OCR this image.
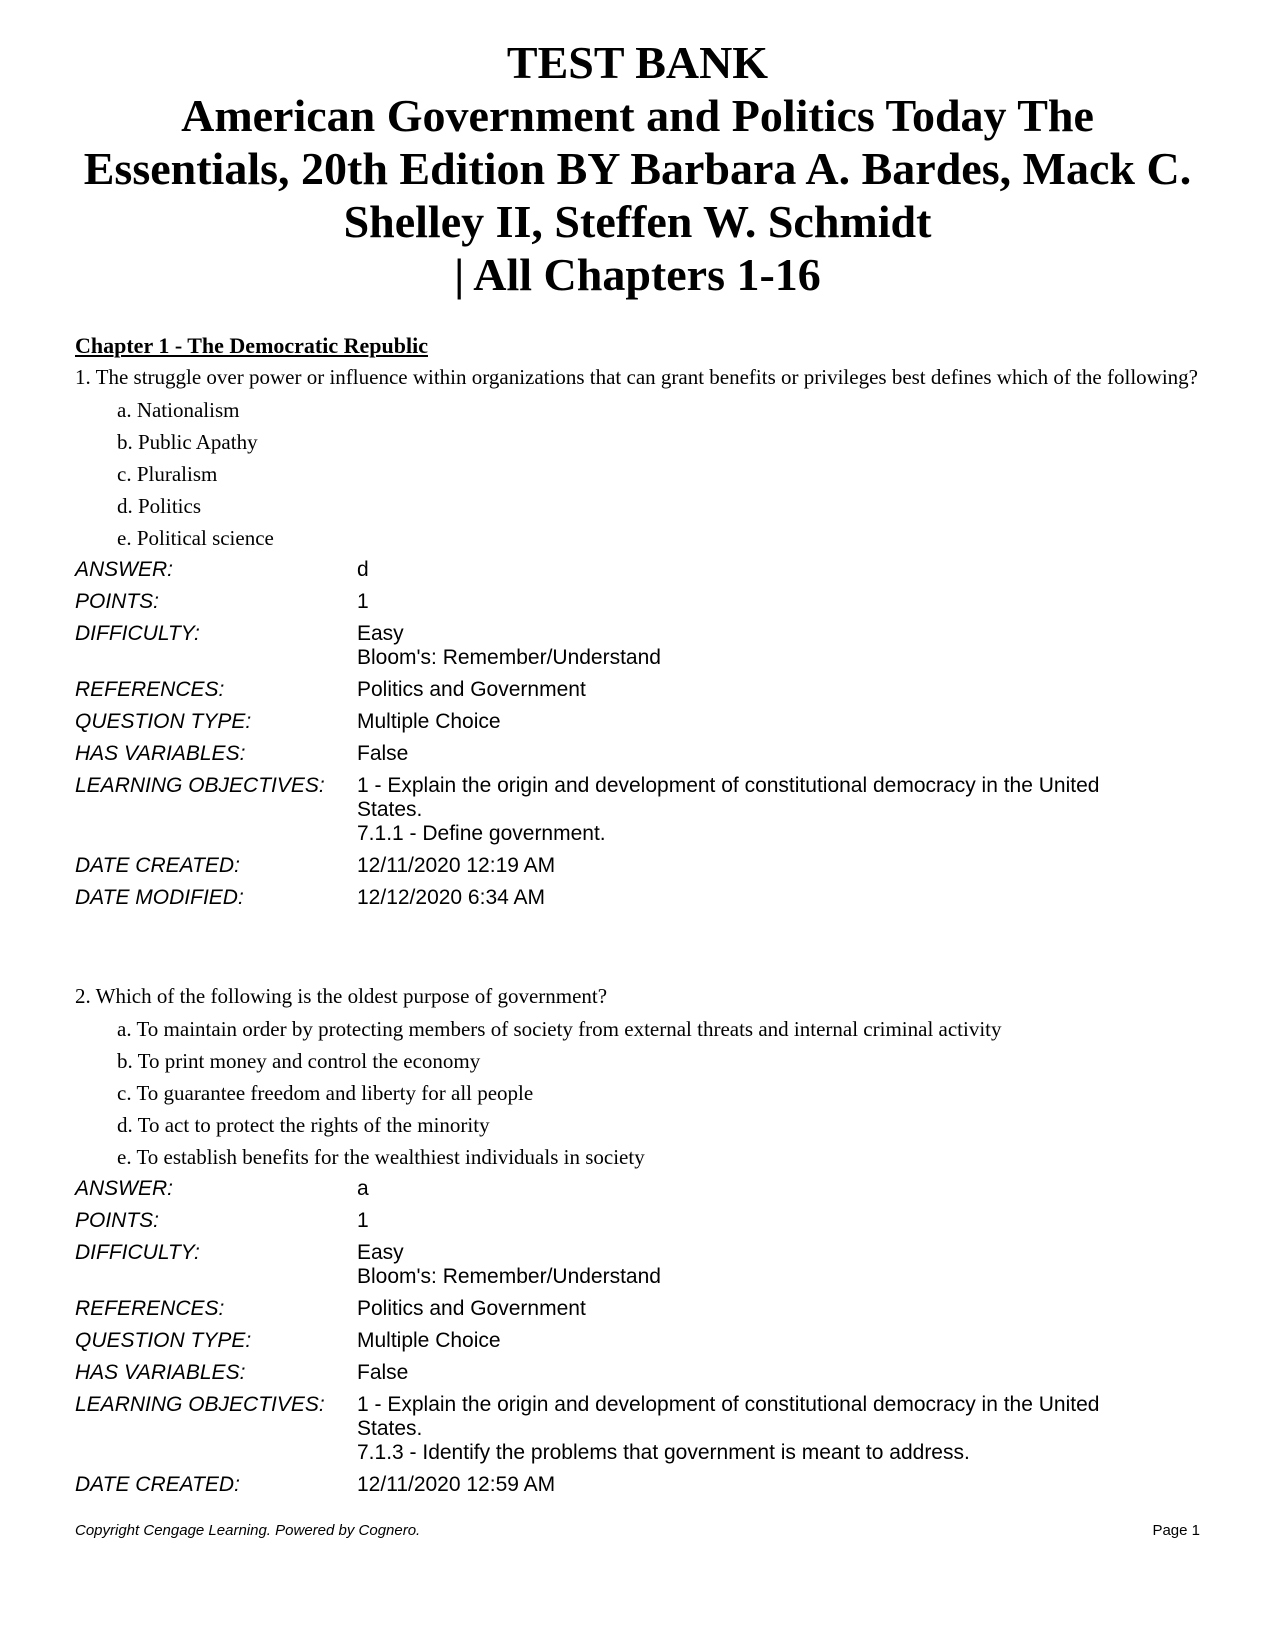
TEST BANK
American Government and Politics Today The
Essentials, 20th Edition BY Barbara A. Bardes, Mack C.
Shelley II, Steffen W. Schmidt
| All Chapters 1-16
Chapter 1 - The Democratic Republic
1. The struggle over power or influence within organizations that can grant benefits or privileges best defines which of the following?
a. Nationalism
b. Public Apathy
c. Pluralism
d. Politics
e. Political science
ANSWER:	d
POINTS:	1
DIFFICULTY:	Easy
Bloom's: Remember/Understand
REFERENCES:	Politics and Government
QUESTION TYPE:	Multiple Choice
HAS VARIABLES:	False
LEARNING OBJECTIVES:	1 - Explain the origin and development of constitutional democracy in the United
States.
7.1.1 - Define government.
DATE CREATED:	12/11/2020 12:19 AM
DATE MODIFIED:	12/12/2020 6:34 AM
2. Which of the following is the oldest purpose of government?
a. To maintain order by protecting members of society from external threats and internal criminal activity
b. To print money and control the economy
c. To guarantee freedom and liberty for all people
d. To act to protect the rights of the minority
e. To establish benefits for the wealthiest individuals in society
ANSWER:	a
POINTS:	1
DIFFICULTY:	Easy
Bloom's: Remember/Understand
REFERENCES:	Politics and Government
QUESTION TYPE:	Multiple Choice
HAS VARIABLES:	False
LEARNING OBJECTIVES:	1 - Explain the origin and development of constitutional democracy in the United
States.
7.1.3 - Identify the problems that government is meant to address.
DATE CREATED:	12/11/2020 12:59 AM
Copyright Cengage Learning. Powered by Cognero.	Page 1
